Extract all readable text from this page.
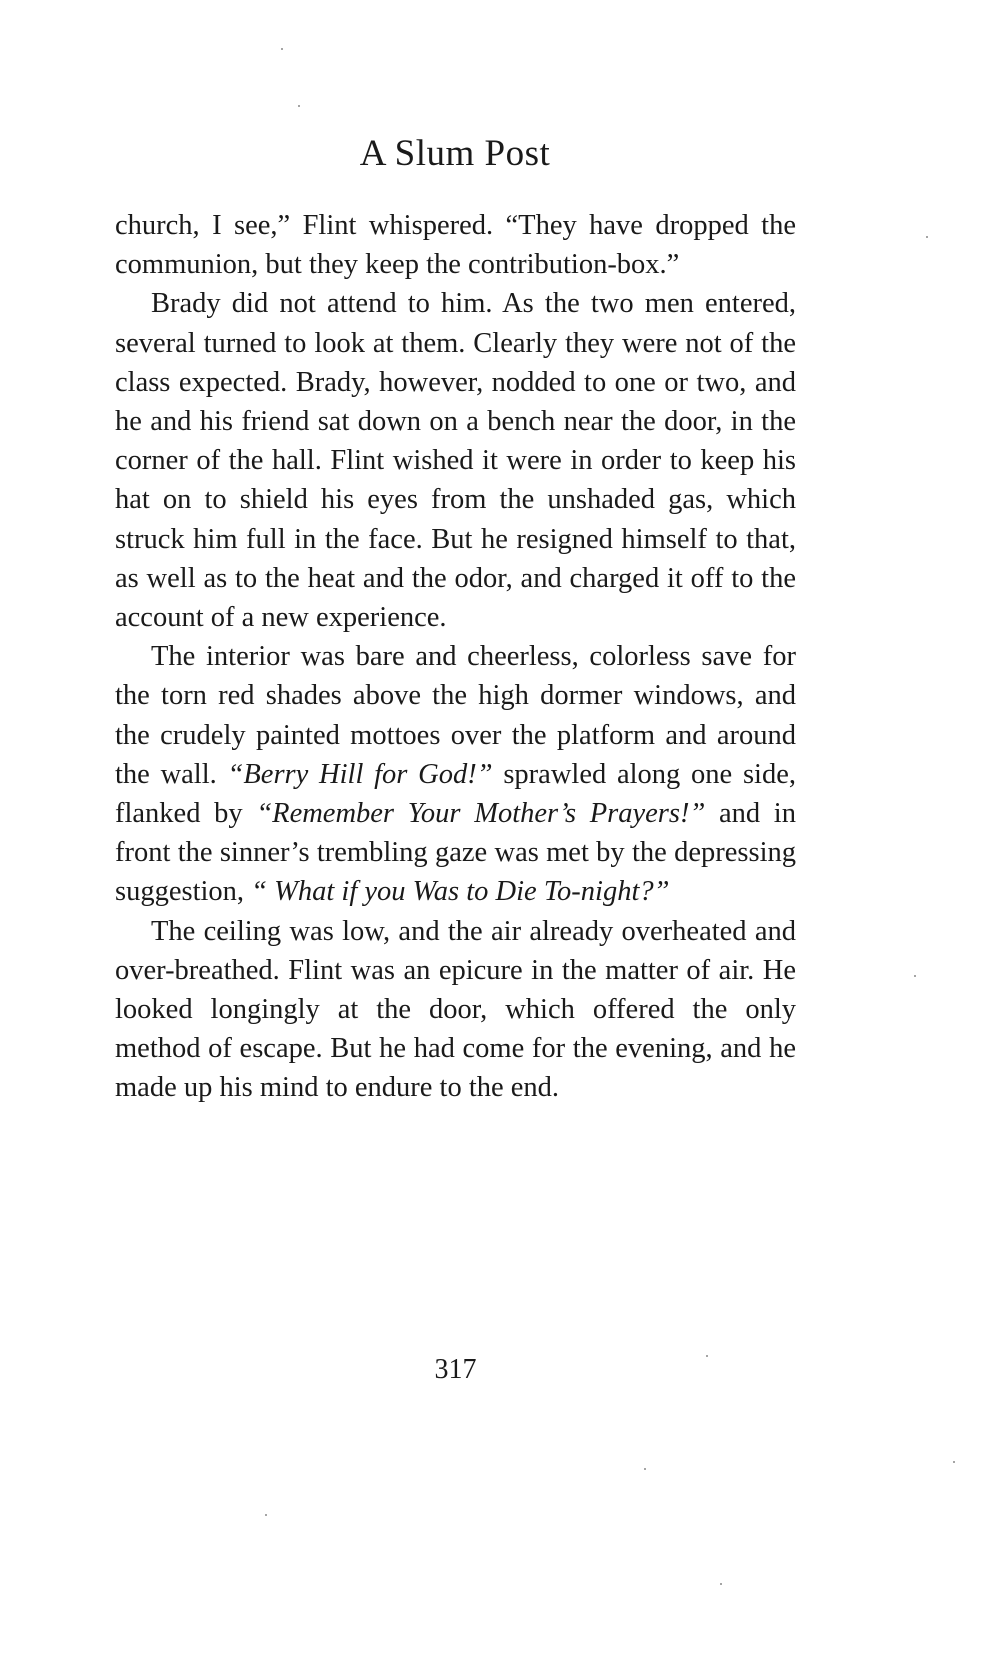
A Slum Post

church, I see,” Flint whispered. “They have dropped the communion, but they keep the contribution-box.”

Brady did not attend to him. As the two men entered, several turned to look at them. Clearly they were not of the class expected. Brady, however, nodded to one or two, and he and his friend sat down on a bench near the door, in the corner of the hall. Flint wished it were in order to keep his hat on to shield his eyes from the unshaded gas, which struck him full in the face. But he resigned himself to that, as well as to the heat and the odor, and charged it off to the account of a new experience.

The interior was bare and cheerless, colorless save for the torn red shades above the high dormer windows, and the crudely painted mottoes over the platform and around the wall. “Berry Hill for God!” sprawled along one side, flanked by “Remember Your Mother’s Prayers!” and in front the sinner’s trembling gaze was met by the depressing suggestion, “ What if you Was to Die To-night?”

The ceiling was low, and the air already overheated and over-breathed. Flint was an epicure in the matter of air. He looked longingly at the door, which offered the only method of escape. But he had come for the evening, and he made up his mind to endure to the end.

317
